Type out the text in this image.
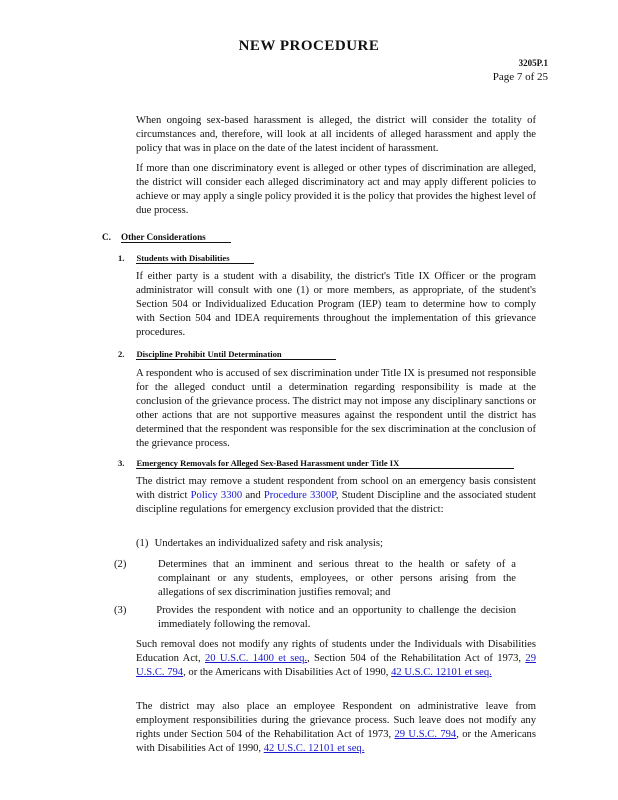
NEW PROCEDURE
3205P.1
Page 7 of 25
When ongoing sex-based harassment is alleged, the district will consider the totality of circumstances and, therefore, will look at all incidents of alleged harassment and apply the policy that was in place on the date of the latest incident of harassment.
If more than one discriminatory event is alleged or other types of discrimination are alleged, the district will consider each alleged discriminatory act and may apply different policies to achieve or may apply a single policy provided it is the policy that provides the highest level of due process.
C. Other Considerations
1. Students with Disabilities
If either party is a student with a disability, the district's Title IX Officer or the program administrator will consult with one (1) or more members, as appropriate, of the student's Section 504 or Individualized Education Program (IEP) team to determine how to comply with Section 504 and IDEA requirements throughout the implementation of this grievance procedures.
2. Discipline Prohibit Until Determination
A respondent who is accused of sex discrimination under Title IX is presumed not responsible for the alleged conduct until a determination regarding responsibility is made at the conclusion of the grievance process. The district may not impose any disciplinary sanctions or other actions that are not supportive measures against the respondent until the district has determined that the respondent was responsible for the sex discrimination at the conclusion of the grievance process.
3. Emergency Removals for Alleged Sex-Based Harassment under Title IX
The district may remove a student respondent from school on an emergency basis consistent with district Policy 3300 and Procedure 3300P, Student Discipline and the associated student discipline regulations for emergency exclusion provided that the district:
(1) Undertakes an individualized safety and risk analysis;
(2)	Determines that an imminent and serious threat to the health or safety of a complainant or any students, employees, or other persons arising from the allegations of sex discrimination justifies removal; and
(3)	Provides the respondent with notice and an opportunity to challenge the decision immediately following the removal.
Such removal does not modify any rights of students under the Individuals with Disabilities Education Act, 20 U.S.C. 1400 et seq., Section 504 of the Rehabilitation Act of 1973, 29 U.S.C. 794, or the Americans with Disabilities Act of 1990, 42 U.S.C. 12101 et seq.
The district may also place an employee Respondent on administrative leave from employment responsibilities during the grievance process. Such leave does not modify any rights under Section 504 of the Rehabilitation Act of 1973, 29 U.S.C. 794, or the Americans with Disabilities Act of 1990, 42 U.S.C. 12101 et seq.
